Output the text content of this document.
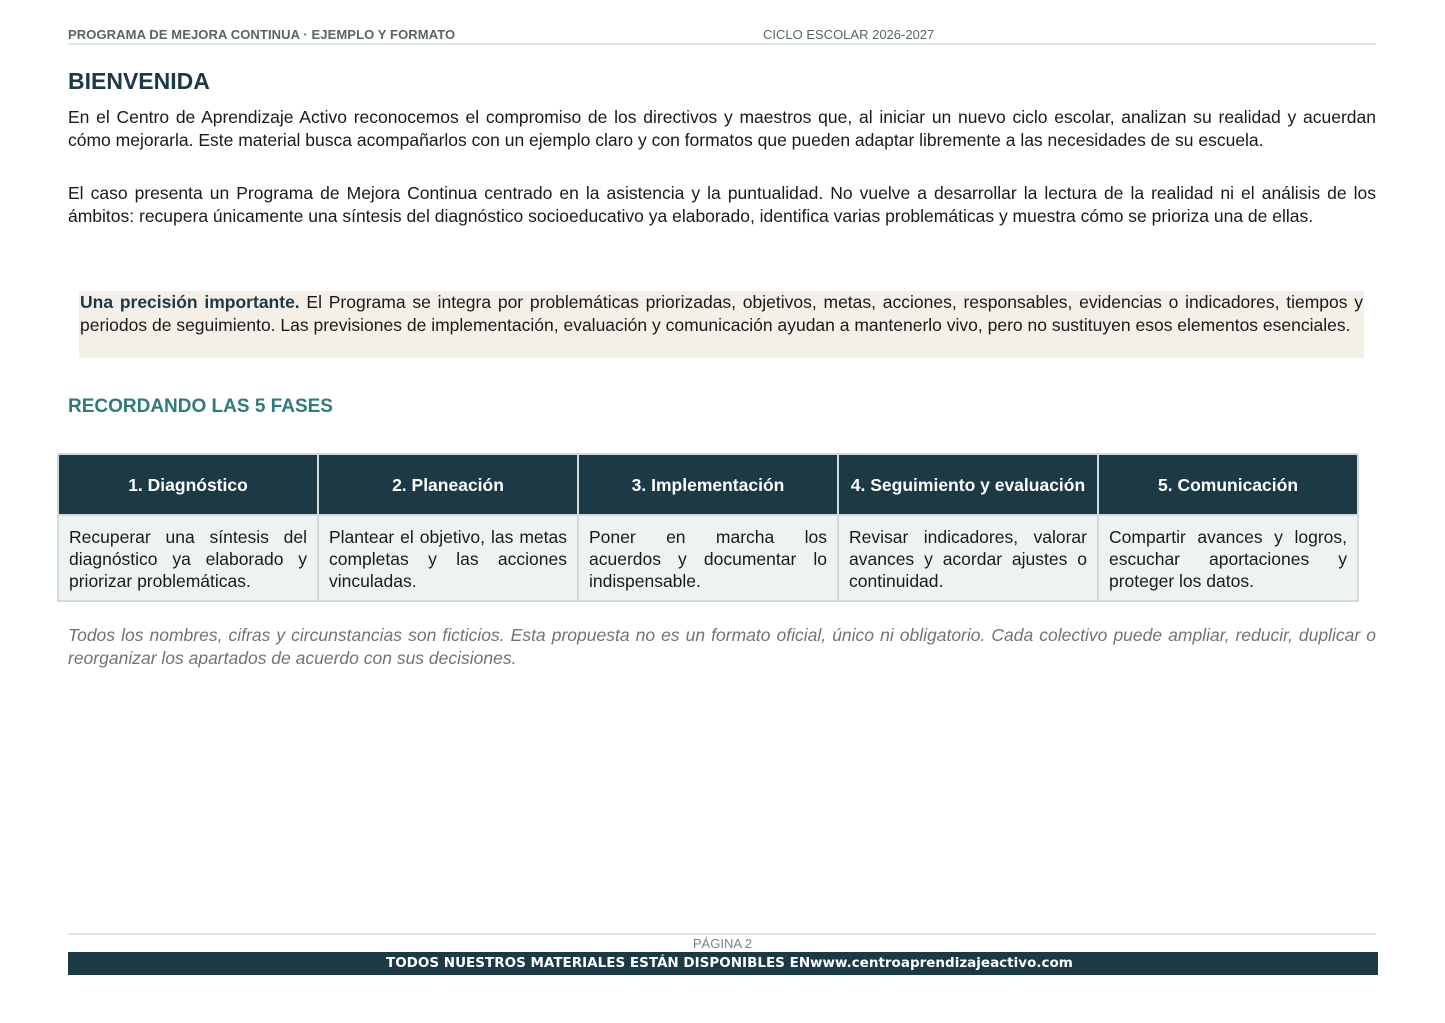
PROGRAMA DE MEJORA CONTINUA · EJEMPLO Y FORMATO	CICLO ESCOLAR 2026-2027
BIENVENIDA

En el Centro de Aprendizaje Activo reconocemos el compromiso de los directivos y maestros que, al iniciar un nuevo ciclo escolar, analizan su realidad y acuerdan cómo mejorarla. Este material busca acompañarlos con un ejemplo claro y con formatos que pueden adaptar libremente a las necesidades de su escuela.

El caso presenta un Programa de Mejora Continua centrado en la asistencia y la puntualidad. No vuelve a desarrollar la lectura de la realidad ni el análisis de los ámbitos: recupera únicamente una síntesis del diagnóstico socioeducativo ya elaborado, identifica varias problemáticas y muestra cómo se prioriza una de ellas.

Una precisión importante. El Programa se integra por problemáticas priorizadas, objetivos, metas, acciones, responsables, evidencias o indicadores, tiempos y periodos de seguimiento. Las previsiones de implementación, evaluación y comunicación ayudan a mantenerlo vivo, pero no sustituyen esos elementos esenciales.
RECORDANDO LAS 5 FASES
1. Diagnóstico	2. Planeación	3. Implementación	4. Seguimiento y evaluación	5. Comunicación
Recuperar una síntesis del diagnóstico ya elaborado y priorizar problemáticas.	Plantear el objetivo, las metas completas y las acciones vinculadas.	Poner en marcha los acuerdos y documentar lo indispensable.	Revisar indicadores, valorar avances y acordar ajustes o continuidad.	Compartir avances y logros, escuchar aportaciones y proteger los datos.

Todos los nombres, cifras y circunstancias son ficticios. Esta propuesta no es un formato oficial, único ni obligatorio. Cada colectivo puede ampliar, reducir, duplicar o reorganizar los apartados de acuerdo con sus decisiones.

PÁGINA 2
TODOS NUESTROS MATERIALES ESTÁN DISPONIBLES EN www.centroaprendizajeactivo.com
